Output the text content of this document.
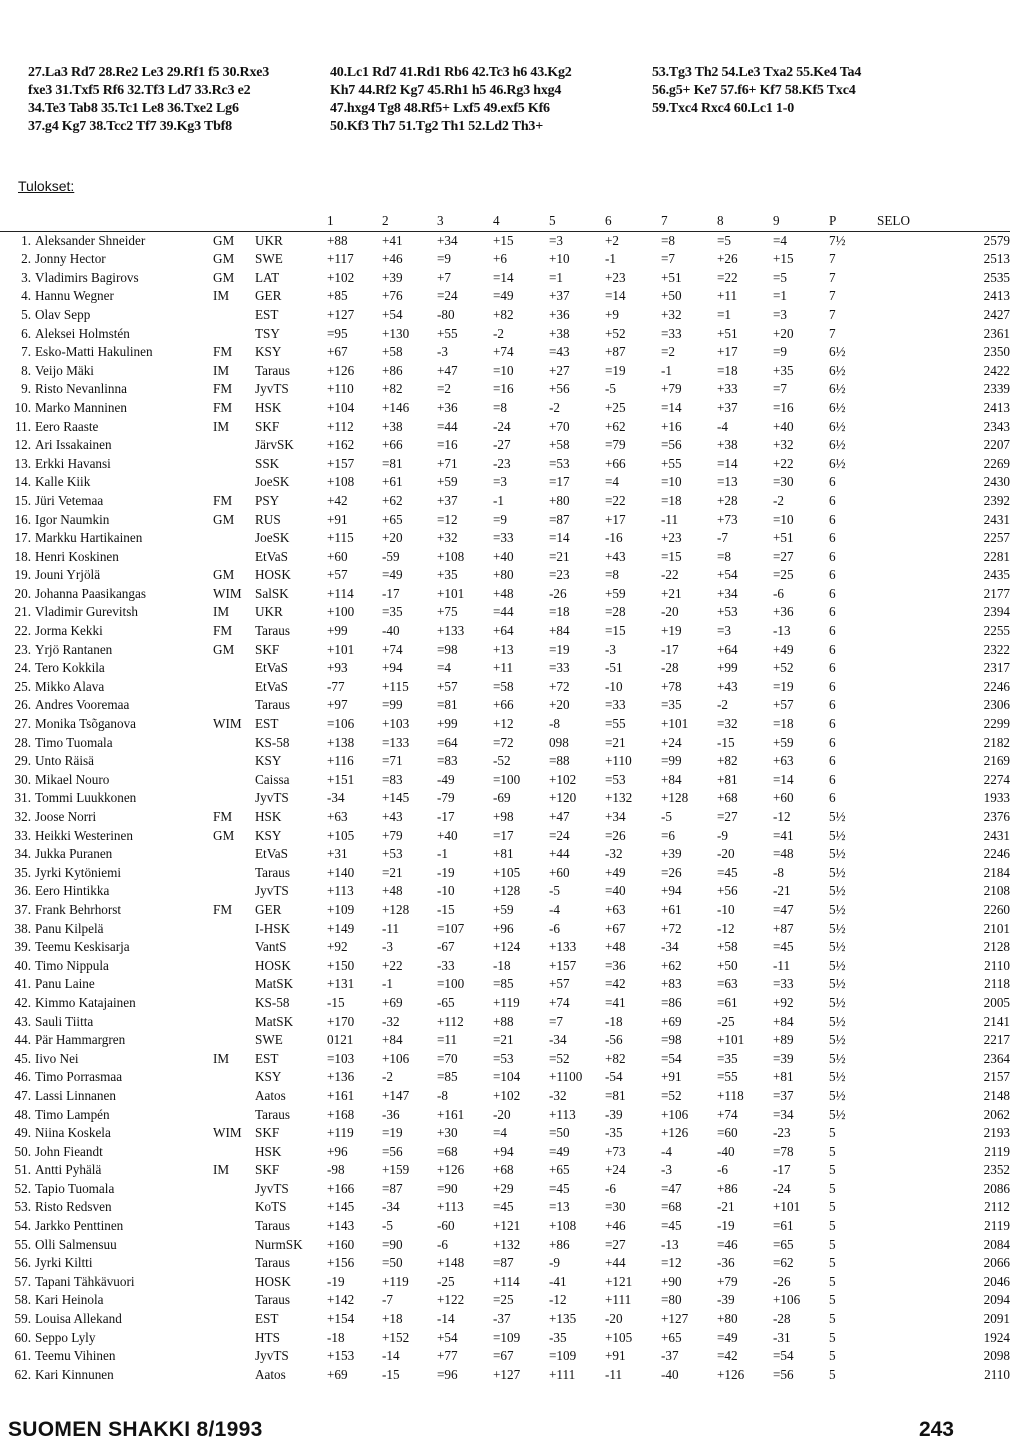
27.La3 Rd7 28.Re2 Le3 29.Rf1 f5 30.Rxe3
fxe3 31.Txf5 Rf6 32.Tf3 Ld7 33.Rc3 e2
34.Te3 Tab8 35.Tc1 Le8 36.Txe2 Lg6
37.g4 Kg7 38.Tcc2 Tf7 39.Kg3 Tbf8
40.Lc1 Rd7 41.Rd1 Rb6 42.Tc3 h6 43.Kg2
Kh7 44.Rf2 Kg7 45.Rh1 h5 46.Rg3 hxg4
47.hxg4 Tg8 48.Rf5+ Lxf5 49.exf5 Kf6
50.Kf3 Th7 51.Tg2 Th1 52.Ld2 Th3+
53.Tg3 Th2 54.Le3 Txa2 55.Ke4 Ta4
56.g5+ Ke7 57.f6+ Kf7 58.Kf5 Txc4
59.Txc4 Rxc4 60.Lc1 1-0
Tulokset:
				1	2	3	4	5	6	7	8	9	P	SELO
1.	Aleksander Shneider	GM	UKR	+88	+41	+34	+15	=3	+2	=8	=5	=4	7½	2579
2.	Jonny Hector	GM	SWE	+117	+46	=9	+6	+10	-1	=7	+26	+15	7	2513
3.	Vladimirs Bagirovs	GM	LAT	+102	+39	+7	=14	=1	+23	+51	=22	=5	7	2535
4.	Hannu Wegner	IM	GER	+85	+76	=24	=49	+37	=14	+50	+11	=1	7	2413
5.	Olav Sepp		EST	+127	+54	-80	+82	+36	+9	+32	=1	=3	7	2427
6.	Aleksei Holmstén		TSY	=95	+130	+55	-2	+38	+52	=33	+51	+20	7	2361
7.	Esko-Matti Hakulinen	FM	KSY	+67	+58	-3	+74	=43	+87	=2	+17	=9	6½	2350
8.	Veijo Mäki	IM	Taraus	+126	+86	+47	=10	+27	=19	-1	=18	+35	6½	2422
9.	Risto Nevanlinna	FM	JyvTS	+110	+82	=2	=16	+56	-5	+79	+33	=7	6½	2339
10.	Marko Manninen	FM	HSK	+104	+146	+36	=8	-2	+25	=14	+37	=16	6½	2413
11.	Eero Raaste	IM	SKF	+112	+38	=44	-24	+70	+62	+16	-4	+40	6½	2343
12.	Ari Issakainen		JärvSK	+162	+66	=16	-27	+58	=79	=56	+38	+32	6½	2207
13.	Erkki Havansi		SSK	+157	=81	+71	-23	=53	+66	+55	=14	+22	6½	2269
14.	Kalle Kiik		JoeSK	+108	+61	+59	=3	=17	=4	=10	=13	=30	6	2430
15.	Jüri Vetemaa	FM	PSY	+42	+62	+37	-1	+80	=22	=18	+28	-2	6	2392
16.	Igor Naumkin	GM	RUS	+91	+65	=12	=9	=87	+17	-11	+73	=10	6	2431
17.	Markku Hartikainen		JoeSK	+115	+20	+32	=33	=14	-16	+23	-7	+51	6	2257
18.	Henri Koskinen		EtVaS	+60	-59	+108	+40	=21	+43	=15	=8	=27	6	2281
19.	Jouni Yrjölä	GM	HOSK	+57	=49	+35	+80	=23	=8	-22	+54	=25	6	2435
20.	Johanna Paasikangas	WIM	SalSK	+114	-17	+101	+48	-26	+59	+21	+34	-6	6	2177
21.	Vladimir Gurevitsh	IM	UKR	+100	=35	+75	=44	=18	=28	-20	+53	+36	6	2394
22.	Jorma Kekki	FM	Taraus	+99	-40	+133	+64	+84	=15	+19	=3	-13	6	2255
23.	Yrjö Rantanen	GM	SKF	+101	+74	=98	+13	=19	-3	-17	+64	+49	6	2322
24.	Tero Kokkila		EtVaS	+93	+94	=4	+11	=33	-51	-28	+99	+52	6	2317
25.	Mikko Alava		EtVaS	-77	+115	+57	=58	+72	-10	+78	+43	=19	6	2246
26.	Andres Vooremaa		Taraus	+97	=99	=81	+66	+20	=33	=35	-2	+57	6	2306
27.	Monika Tsõganova	WIM	EST	=106	+103	+99	+12	-8	=55	+101	=32	=18	6	2299
28.	Timo Tuomala		KS-58	+138	=133	=64	=72	098	=21	+24	-15	+59	6	2182
29.	Unto Räisä		KSY	+116	=71	=83	-52	=88	+110	=99	+82	+63	6	2169
30.	Mikael Nouro		Caissa	+151	=83	-49	=100	+102	=53	+84	+81	=14	6	2274
31.	Tommi Luukkonen		JyvTS	-34	+145	-79	-69	+120	+132	+128	+68	+60	6	1933
32.	Joose Norri	FM	HSK	+63	+43	-17	+98	+47	+34	-5	=27	-12	5½	2376
33.	Heikki Westerinen	GM	KSY	+105	+79	+40	=17	=24	=26	=6	-9	=41	5½	2431
34.	Jukka Puranen		EtVaS	+31	+53	-1	+81	+44	-32	+39	-20	=48	5½	2246
35.	Jyrki Kytöniemi		Taraus	+140	=21	-19	+105	+60	+49	=26	=45	-8	5½	2184
36.	Eero Hintikka		JyvTS	+113	+48	-10	+128	-5	=40	+94	+56	-21	5½	2108
37.	Frank Behrhorst	FM	GER	+109	+128	-15	+59	-4	+63	+61	-10	=47	5½	2260
38.	Panu Kilpelä		I-HSK	+149	-11	=107	+96	-6	+67	+72	-12	+87	5½	2101
39.	Teemu Keskisarja		VantS	+92	-3	-67	+124	+133	+48	-34	+58	=45	5½	2128
40.	Timo Nippula		HOSK	+150	+22	-33	-18	+157	=36	+62	+50	-11	5½	2110
41.	Panu Laine		MatSK	+131	-1	=100	=85	+57	=42	+83	=63	=33	5½	2118
42.	Kimmo Katajainen		KS-58	-15	+69	-65	+119	+74	=41	=86	=61	+92	5½	2005
43.	Sauli Tiitta		MatSK	+170	-32	+112	+88	=7	-18	+69	-25	+84	5½	2141
44.	Pär Hammargren		SWE	0121	+84	=11	=21	-34	-56	=98	+101	+89	5½	2217
45.	Iivo Nei	IM	EST	=103	+106	=70	=53	=52	+82	=54	=35	=39	5½	2364
46.	Timo Porrasmaa		KSY	+136	-2	=85	=104	+1100	-54	+91	=55	+81	5½	2157
47.	Lassi Linnanen		Aatos	+161	+147	-8	+102	-32	=81	=52	+118	=37	5½	2148
48.	Timo Lampén		Taraus	+168	-36	+161	-20	+113	-39	+106	+74	=34	5½	2062
49.	Niina Koskela	WIM	SKF	+119	=19	+30	=4	=50	-35	+126	=60	-23	5	2193
50.	John Fieandt		HSK	+96	=56	=68	+94	=49	+73	-4	-40	=78	5	2119
51.	Antti Pyhälä	IM	SKF	-98	+159	+126	+68	+65	+24	-3	-6	-17	5	2352
52.	Tapio Tuomala		JyvTS	+166	=87	=90	+29	=45	-6	=47	+86	-24	5	2086
53.	Risto Redsven		KoTS	+145	-34	+113	=45	=13	=30	=68	-21	+101	5	2112
54.	Jarkko Penttinen		Taraus	+143	-5	-60	+121	+108	+46	=45	-19	=61	5	2119
55.	Olli Salmensuu		NurmSK	+160	=90	-6	+132	+86	=27	-13	=46	=65	5	2084
56.	Jyrki Kiltti		Taraus	+156	=50	+148	=87	-9	+44	=12	-36	=62	5	2066
57.	Tapani Tähkävuori		HOSK	-19	+119	-25	+114	-41	+121	+90	+79	-26	5	2046
58.	Kari Heinola		Taraus	+142	-7	+122	=25	-12	+111	=80	-39	+106	5	2094
59.	Louisa Allekand		EST	+154	+18	-14	-37	+135	-20	+127	+80	-28	5	2091
60.	Seppo Lyly		HTS	-18	+152	+54	=109	-35	+105	+65	=49	-31	5	1924
61.	Teemu Vihinen		JyvTS	+153	-14	+77	=67	=109	+91	-37	=42	=54	5	2098
62.	Kari Kinnunen		Aatos	+69	-15	=96	+127	+111	-11	-40	+126	=56	5	2110
SUOMEN SHAKKI 8/1993	243
